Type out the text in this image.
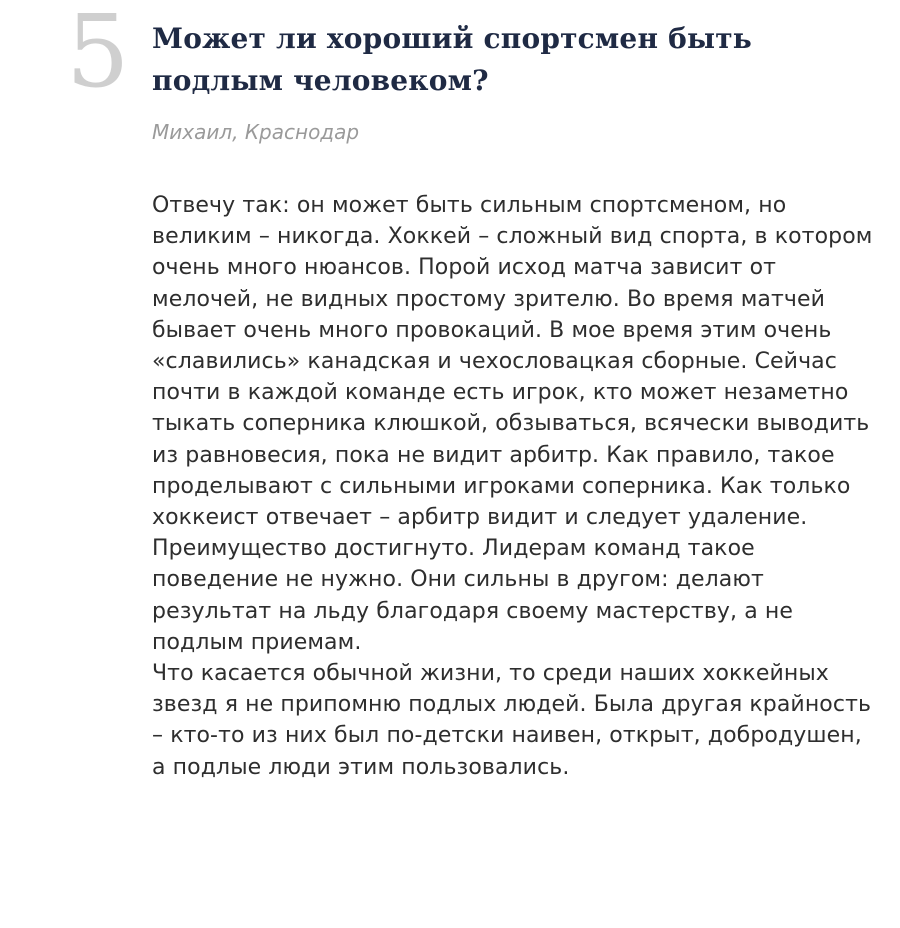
5 Может ли хороший спортсмен быть подлым человеком?
Михаил, Краснодар

Отвечу так: он может быть сильным спортсменом, но великим – никогда. Хоккей – сложный вид спорта, в котором очень много нюансов. Порой исход матча зависит от мелочей, не видных простому зрителю. Во время матчей бывает очень много провокаций. В мое время этим очень «славились» канадская и чехословацкая сборные. Сейчас почти в каждой команде есть игрок, кто может незаметно тыкать соперника клюшкой, обзываться, всячески выводить из равновесия, пока не видит арбитр. Как правило, такое проделывают с сильными игроками соперника. Как только хоккеист отвечает – арбитр видит и следует удаление. Преимущество достигнуто. Лидерам команд такое поведение не нужно. Они сильны в другом: делают результат на льду благодаря своему мастерству, а не подлым приемам.

Что касается обычной жизни, то среди наших хоккейных звезд я не припомню подлых людей. Была другая крайность – кто-то из них был по-детски наивен, открыт, добродушен, а подлые люди этим пользовались.
